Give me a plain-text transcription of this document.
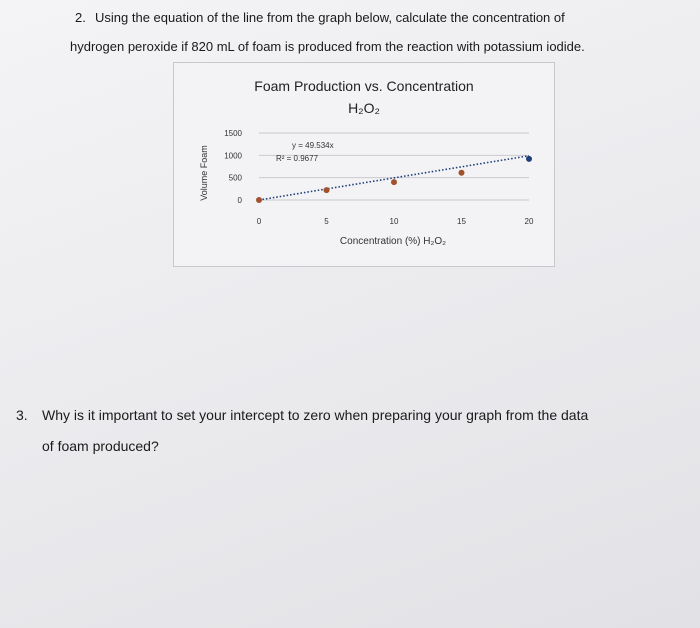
2. Using the equation of the line from the graph below, calculate the concentration of
hydrogen peroxide if 820 mL of foam is produced from the reaction with potassium iodide.
Foam Production vs. Concentration
H₂O₂
Volume Foam
Concentration (%) H₂O₂
0
500
1000
1500
0	5	10	15	20
y = 49.534x
R² = 0.9677
3. Why is it important to set your intercept to zero when preparing your graph from the data
of foam produced?
